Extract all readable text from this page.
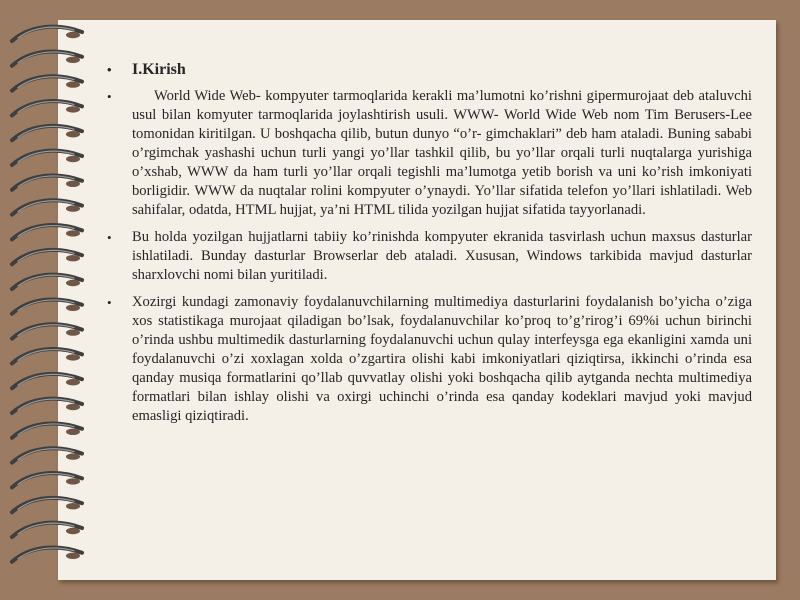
• I.Kirish
•	World Wide Web- kompyuter tarmoqlarida kerakli ma’lumotni ko’rishni gipermurojaat deb ataluvchi usul bilan komyuter tarmoqlarida joylashtirish usuli. WWW- World Wide Web nom Tim Berusers-Lee tomonidan kiritilgan. U boshqacha qilib, butun dunyo “o’r- gimchaklari” deb ham ataladi. Buning sababi o’rgimchak yashashi uchun turli yangi yo’llar tashkil qilib, bu yo’llar orqali turli nuqtalarga yurishiga o’xshab, WWW da ham turli yo’llar orqali tegishli ma’lumotga yetib borish va uni ko’rish imkoniyati borligidir. WWW da nuqtalar rolini kompyuter o’ynaydi. Yo’llar sifatida telefon yo’llari ishlatiladi. Web sahifalar, odatda, HTML hujjat, ya’ni HTML tilida yozilgan hujjat sifatida tayyorlanadi.
• Bu holda yozilgan hujjatlarni tabiiy ko’rinishda kompyuter ekranida tasvirlash uchun maxsus dasturlar ishlatiladi. Bunday dasturlar Browserlar deb ataladi. Xususan, Windows tarkibida mavjud dasturlar sharxlovchi nomi bilan yuritiladi.
• Xozirgi kundagi zamonaviy foydalanuvchilarning multimediya dasturlarini foydalanish bo’yicha o’ziga xos statistikaga murojaat qiladigan bo’lsak, foydalanuvchilar ko’proq to’g’rirog’i 69%i uchun birinchi o’rinda ushbu multimedik dasturlarning foydalanuvchi uchun qulay interfeysga ega ekanligini xamda uni foydalanuvchi o’zi xoxlagan xolda o’zgartira olishi kabi imkoniyatlari qiziqtirsa, ikkinchi o’rinda esa qanday musiqa formatlarini qo’llab quvvatlay olishi yoki boshqacha qilib aytganda nechta multimediya formatlari bilan ishlay olishi va oxirgi uchinchi o’rinda esa qanday kodeklari mavjud yoki mavjud emasligi qiziqtiradi.
